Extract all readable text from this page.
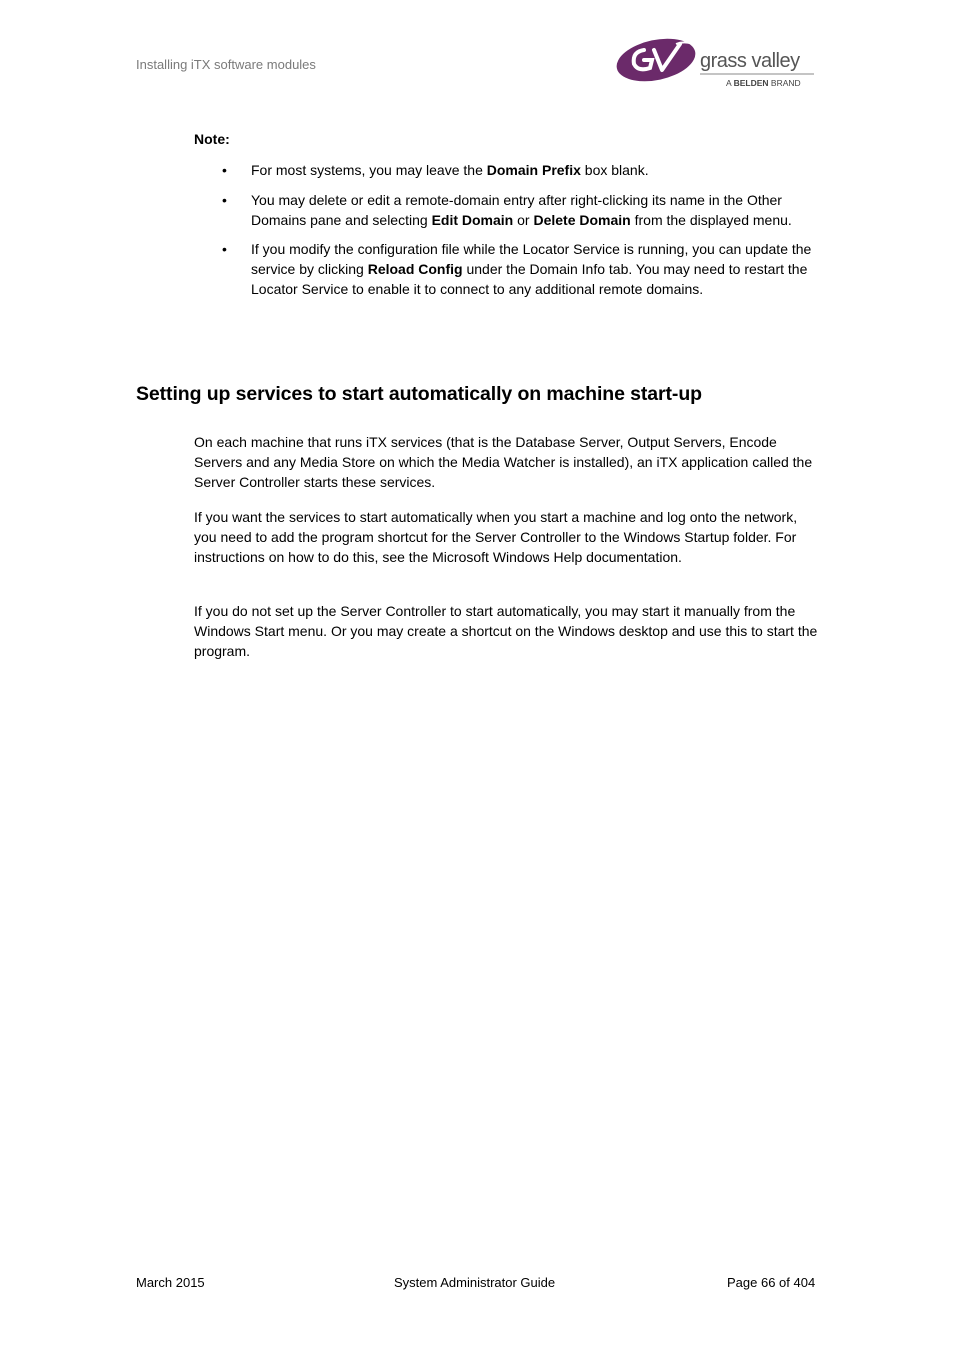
Installing iTX software modules	grass valley
A BELDEN BRAND
Note:
• For most systems, you may leave the Domain Prefix box blank.
• You may delete or edit a remote-domain entry after right-clicking its name in the Other Domains pane and selecting Edit Domain or Delete Domain from the displayed menu.
• If you modify the configuration file while the Locator Service is running, you can update the service by clicking Reload Config under the Domain Info tab. You may need to restart the Locator Service to enable it to connect to any additional remote domains.
Setting up services to start automatically on machine start-up

On each machine that runs iTX services (that is the Database Server, Output Servers, Encode Servers and any Media Store on which the Media Watcher is installed), an iTX application called the Server Controller starts these services.

If you want the services to start automatically when you start a machine and log onto the network, you need to add the program shortcut for the Server Controller to the Windows Startup folder. For instructions on how to do this, see the Microsoft Windows Help documentation.

If you do not set up the Server Controller to start automatically, you may start it manually from the Windows Start menu. Or you may create a shortcut on the Windows desktop and use this to start the program.

March 2015	System Administrator Guide	Page 66 of 404
